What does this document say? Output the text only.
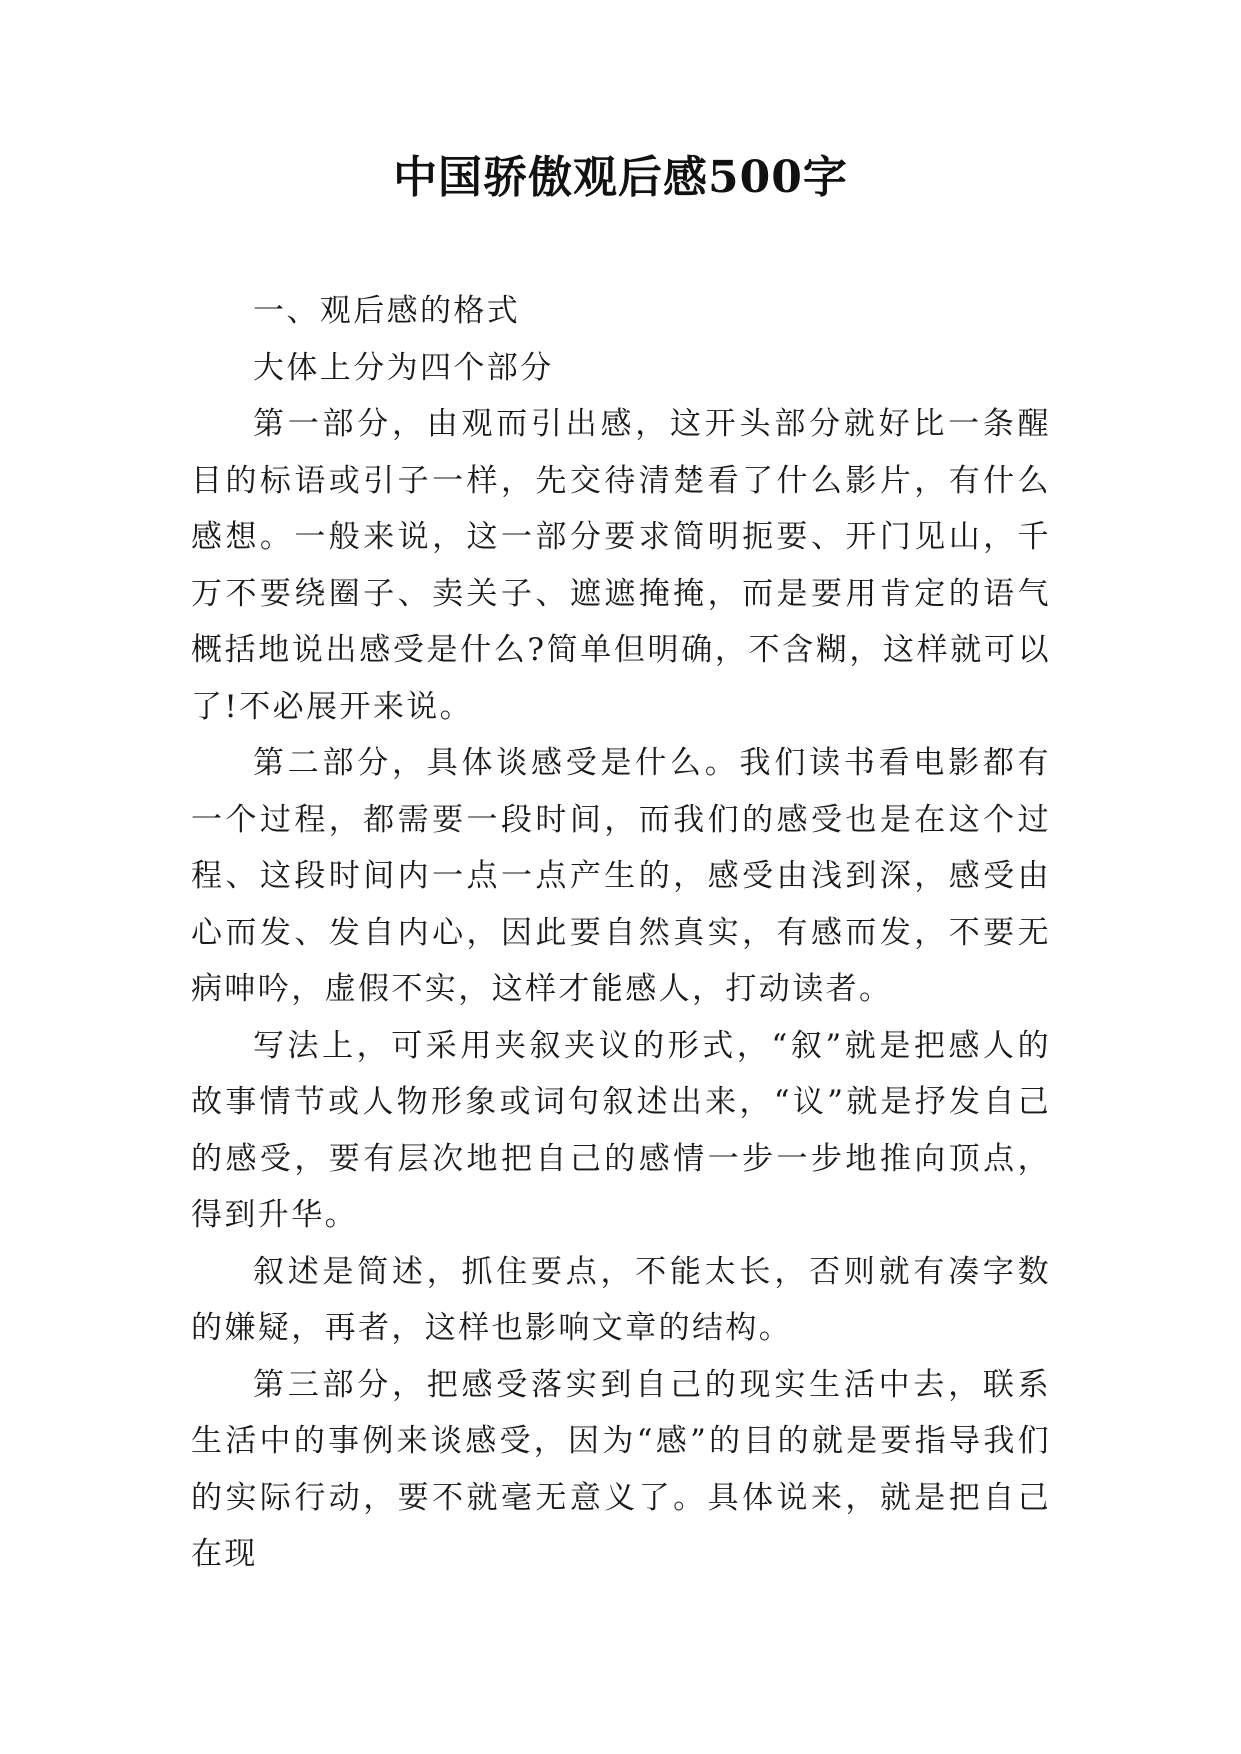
中国骄傲观后感500字

一、观后感的格式

大体上分为四个部分

第一部分，由观而引出感，这开头部分就好比一条醒目的标语或引子一样，先交待清楚看了什么影片，有什么感想。一般来说，这一部分要求简明扼要、开门见山，千万不要绕圈子、卖关子、遮遮掩掩，而是要用肯定的语气概括地说出感受是什么?简单但明确，不含糊，这样就可以了!不必展开来说。

第二部分，具体谈感受是什么。我们读书看电影都有一个过程，都需要一段时间，而我们的感受也是在这个过程、这段时间内一点一点产生的，感受由浅到深，感受由心而发、发自内心，因此要自然真实，有感而发，不要无病呻吟，虚假不实，这样才能感人，打动读者。

写法上，可采用夹叙夹议的形式，“叙”就是把感人的故事情节或人物形象或词句叙述出来，“议”就是抒发自己的感受，要有层次地把自己的感情一步一步地推向顶点，得到升华。

叙述是简述，抓住要点，不能太长，否则就有凑字数的嫌疑，再者，这样也影响文章的结构。

第三部分，把感受落实到自己的现实生活中去，联系生活中的事例来谈感受，因为“感”的目的就是要指导我们的实际行动，要不就毫无意义了。具体说来，就是把自己在现
